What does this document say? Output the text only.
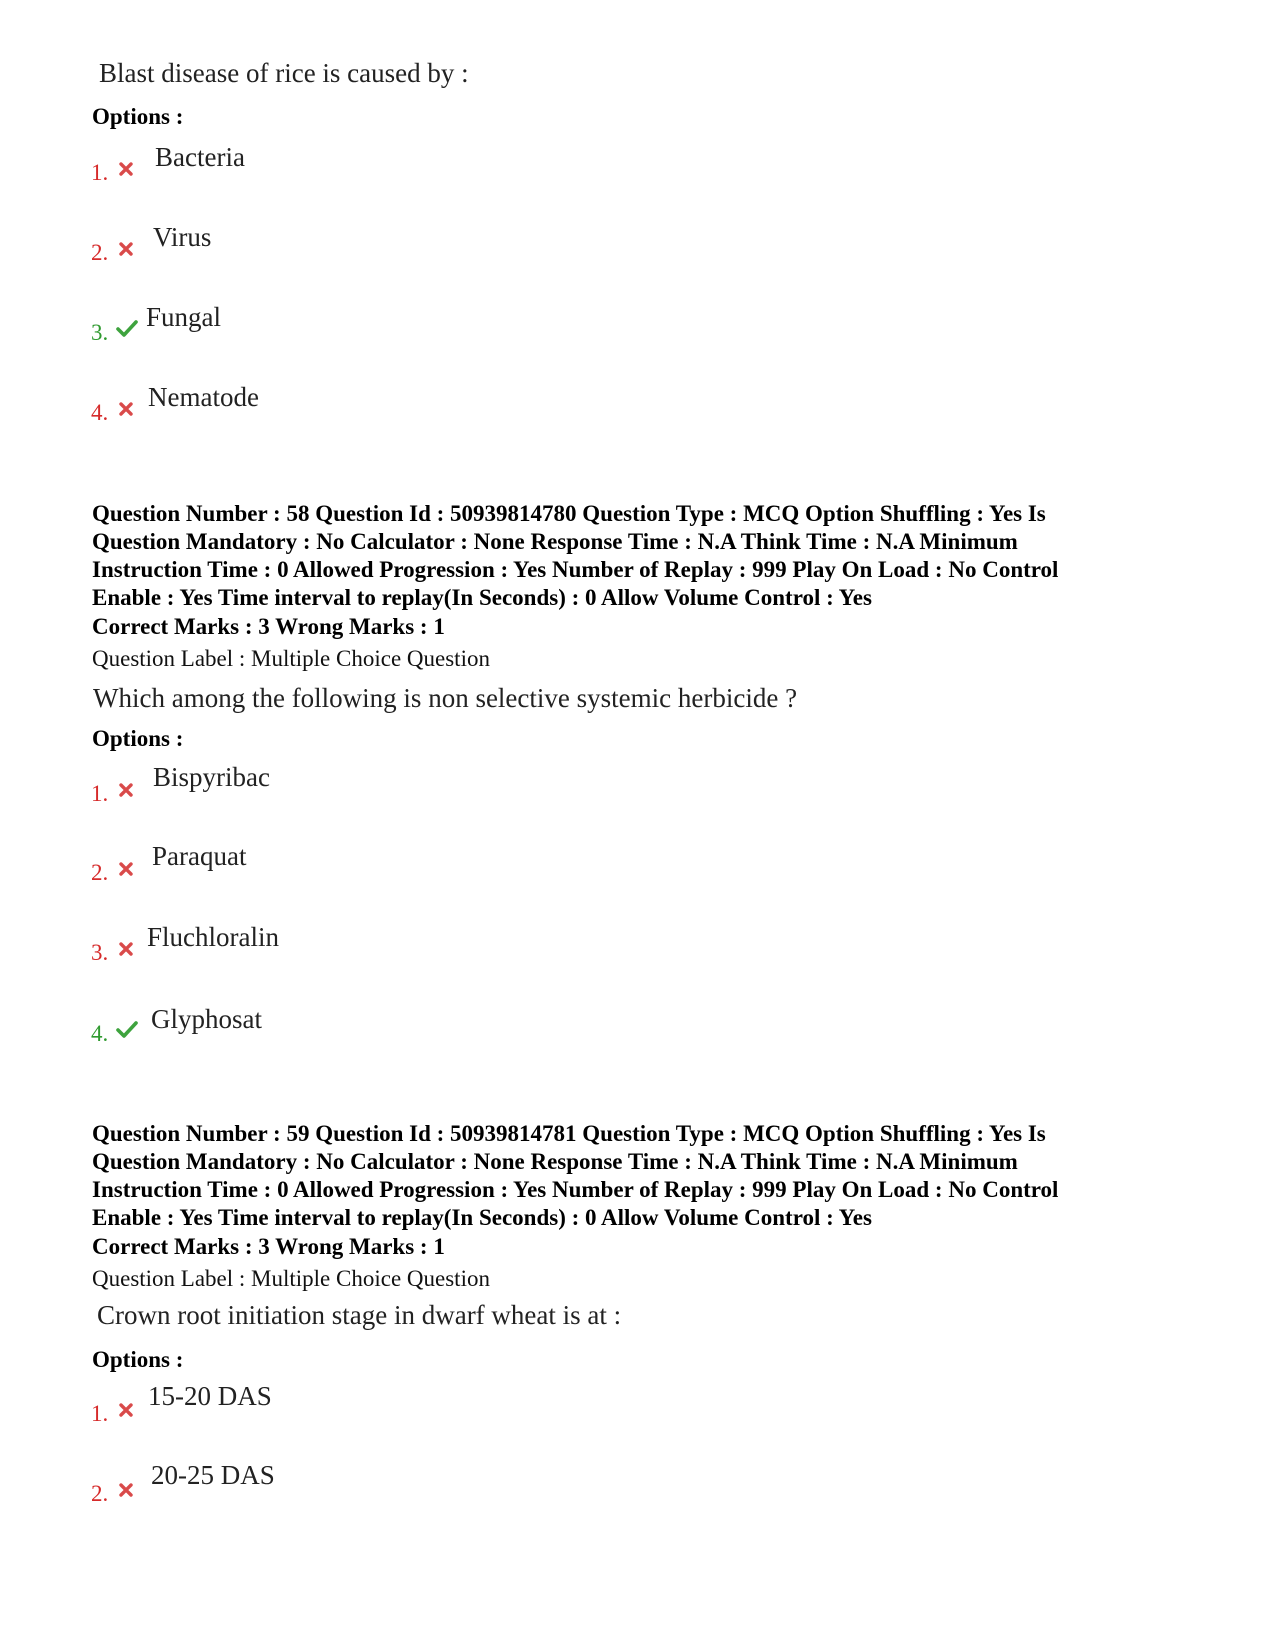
Blast disease of rice is caused by :
Options :
1.
Bacteria
2.
Virus
3.
Fungal
4.
Nematode
Question Number : 58 Question Id : 50939814780 Question Type : MCQ Option Shuffling : Yes Is
Question Mandatory : No Calculator : None Response Time : N.A Think Time : N.A Minimum
Instruction Time : 0 Allowed Progression : Yes Number of Replay : 999 Play On Load : No Control
Enable : Yes Time interval to replay(In Seconds) : 0 Allow Volume Control : Yes
Correct Marks : 3 Wrong Marks : 1
Question Label : Multiple Choice Question
Which among the following is non selective systemic herbicide ?
Options :
1.
Bispyribac
2.
Paraquat
3.
Fluchloralin
4. Glyphosat
Question Number : 59 Question Id : 50939814781 Question Type : MCQ Option Shuffling : Yes Is
Question Mandatory : No Calculator : None Response Time : N.A Think Time : N.A Minimum
Instruction Time : 0 Allowed Progression : Yes Number of Replay : 999 Play On Load : No Control
Enable : Yes Time interval to replay(In Seconds) : 0 Allow Volume Control : Yes
Correct Marks : 3 Wrong Marks : 1
Question Label : Multiple Choice Question
Crown root initiation stage in dwarf wheat is at :
Options :
1.
15-20 DAS
2.
20-25 DAS
